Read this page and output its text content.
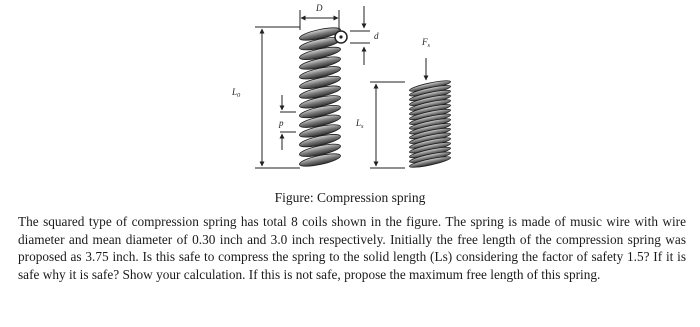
D
d
$L_0$
p	$L_s$
$F_s$
Figure: Compression spring
The squared type of compression spring has total 8 coils shown in the figure. The spring is made of music wire with wire diameter and mean diameter of 0.30 inch and 3.0 inch respectively. Initially the free length of the compression spring was proposed as 3.75 inch. Is this safe to compress the spring to the solid length (Ls) considering the factor of safety 1.5? If it is safe why it is safe? Show your calculation. If this is not safe, propose the maximum free length of this spring.
